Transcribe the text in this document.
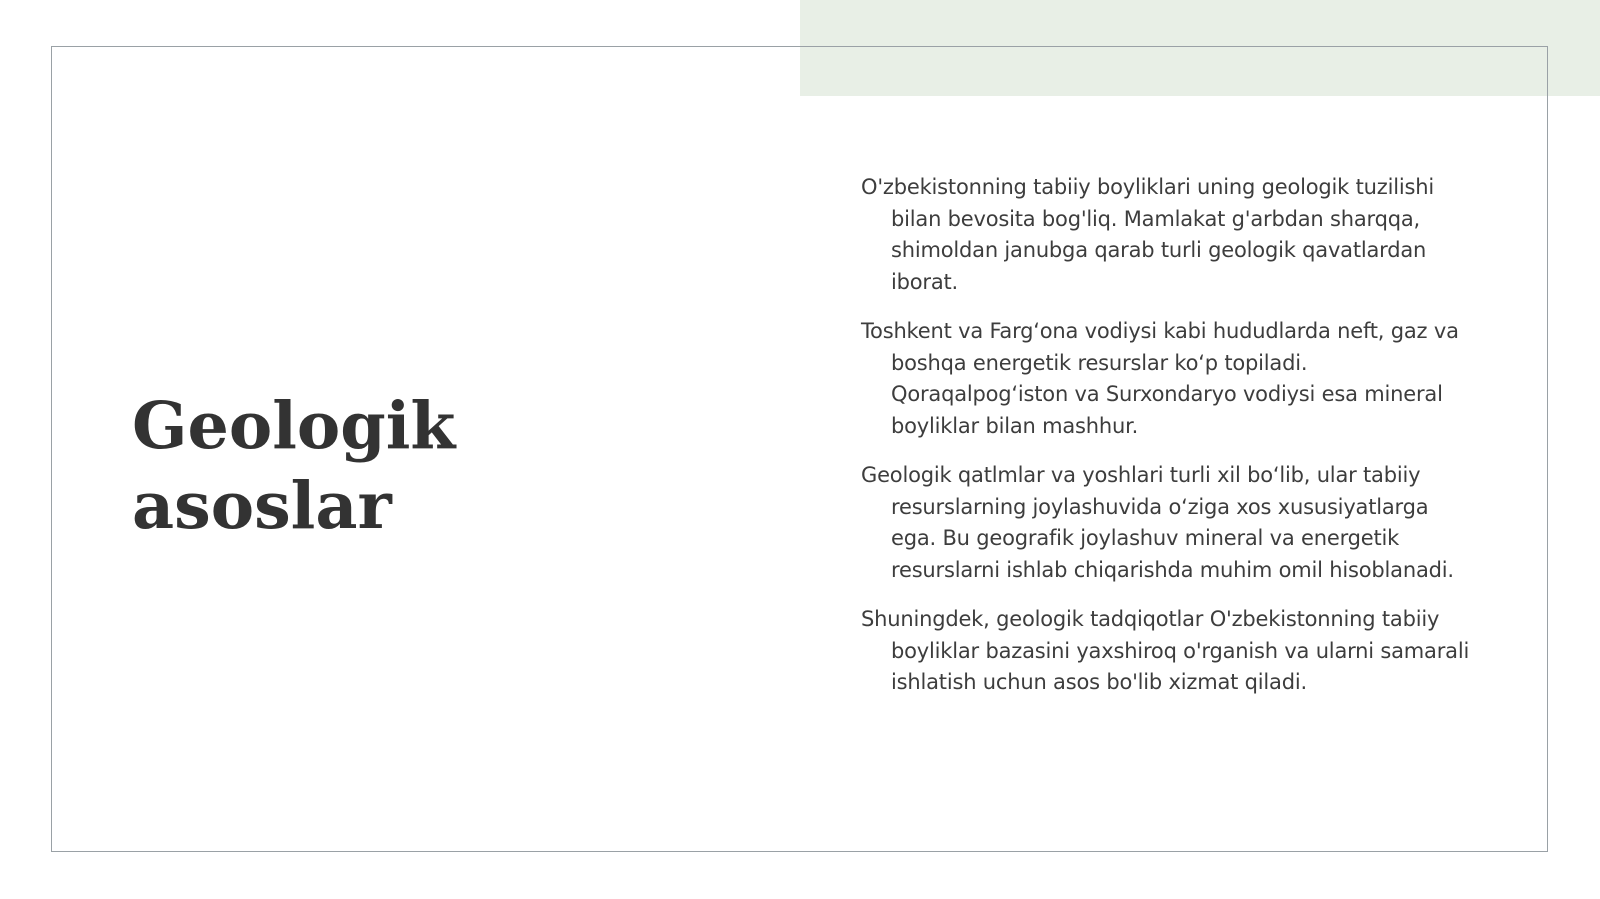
Geologik
asoslar

O'zbekistonning tabiiy boyliklari uning geologik tuzilishi bilan bevosita bog'liq. Mamlakat g'arbdan sharqqa, shimoldan janubga qarab turli geologik qavatlardan iborat.

Toshkent va Farg‘ona vodiysi kabi hududlarda neft, gaz va boshqa energetik resurslar ko‘p topiladi. Qoraqalpog‘iston va Surxondaryo vodiysi esa mineral boyliklar bilan mashhur.

Geologik qatlmlar va yoshlari turli xil bo‘lib, ular tabiiy resurslarning joylashuvida o‘ziga xos xususiyatlarga ega. Bu geografik joylashuv mineral va energetik resurslarni ishlab chiqarishda muhim omil hisoblanadi.

Shuningdek, geologik tadqiqotlar O'zbekistonning tabiiy boyliklar bazasini yaxshiroq o'rganish va ularni samarali ishlatish uchun asos bo'lib xizmat qiladi.
